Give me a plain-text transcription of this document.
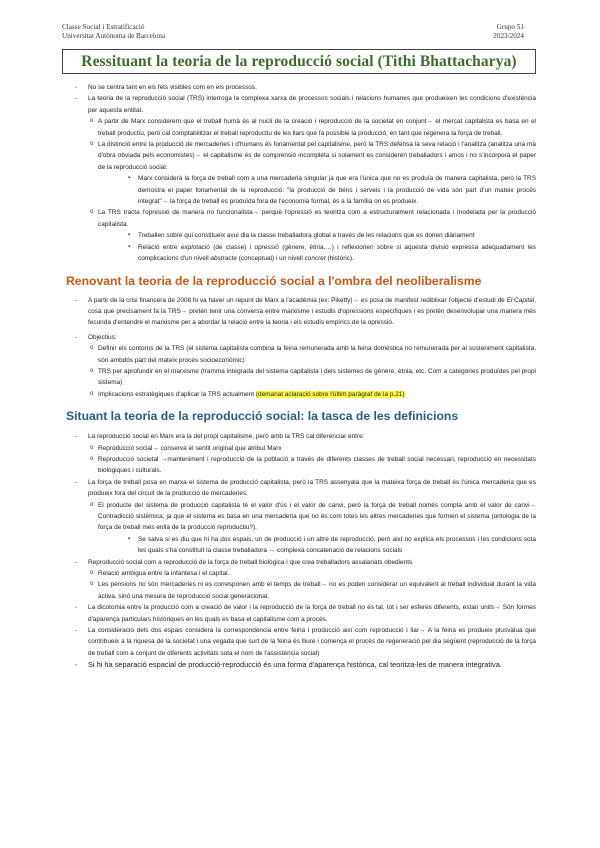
Classe Social i Estratificació
Universitat Autònoma de Barcelona
Grupo 51
2023/2024
Ressituant la teoria de la reproducció social (Tithi Bhattacharya)
- No se centra tant en els fets visibles com en els processos.
- La teoria de la reproducció social (TRS) interroga la complexa xarxa de processos socials i relacions humanes que produeixen les condicions d'existència per aquesta entitat.
o A partir de Marx considerem que el treball humà és al nucli de la creació i reproducció de la societat en conjunt→ el mercat capitalista es basa en el treball productiu, però cal comptabilitzar el treball reproductiu de les llars que fa possible la producció, en tant que regenera la força de treball.
o La distinció entre la producció de mercaderies i d'humans és fonamental pel capitalisme, però la TRS defensa la seva relació i l'analitza (analitza una mà d'obra obviada pels economistes)→ el capitalisme és de comprensió incompleta si solament es consideren treballadors i amos i no s'incorpora el paper de la reproducció social.
▪ Marx considerà la força de treball com a una mercaderia singular ja que era l'única que no es produïa de manera capitalista, però la TRS demostra el paper fonamental de la reproducció: "la producció de béns i serveis i la producció de vida són part d'un mateix procés integrat"→ la força de treball es produïda fora de l'economia formal, és a la família on es produeix.
o La TRS tracta l'opressió de manera no funcionalista→ perquè l'opressió es teoritza com a estructuralment relacionada i modelada per la producció capitalista.
▪ Treballen sobre qui constitueix avui dia la classe treballadora global a través de les relacions que es donen diàriament
▪ Relació entre explotació (de classe) i opressió (gènere, ètnia,…) i reflexionen sobre si aquesta divisió expressa adequadament les complicacions d'un nivell abstracte (conceptual) i un nivell concret (històric).
Renovant la teoria de la reproducció social a l'ombra del neoliberalisme
- A partir de la crisi financera de 2008 hi va haver un repunt de Marx a l'acadèmia (ex: Piketty)→ es posa de manifest rediblixar l'objecte d'estudi de El Capital, cosa que precisament fa la TRS→ pretén tenir una conversa entre marxisme i estudis d'opressions específiques i es pretén desenvolupar una manera més fecunda d'entendre el marxisme per a abordar la relació entre la teoria i els estudis empírics de la opressió.
- Objectius:
o Definir els contorns de la TRS (el sistema capitalista combina la feina remunerada amb la feina domèstica no remunerada per al sosteniment capitalista, són ambdós part del mateix procés socioeconòmic)
o TRS per aprofundir en el marxisme (tramma integrada del sistema capitalista i dels sistemes de gènere, ètnia, etc. Com a categories produïdes pel propi sistema)
o Implicacions estratègiques d'aplicar la TRS actualment (demanat aclaració sobre l'últim paràgraf de la p.21)
Situant la teoria de la reproducció social: la tasca de les definicions
- La reproducció social en Marx era la del propi capitalisme, però amb la TRS cal diferenciar entre:
o Reproducció social→ conserva el sentit original que atribuí Marx
o Reproducció societal →manteniment i reproducció de la població a través de diferents classes de treball social necessari, reproducció en necessitats biològiques i culturals.
- La força de treball posa en marxa el sistema de producció capitalista, però la TRS assenyala que la mateixa força de treball és l'única mercaderia que es produeix fora del circuit de la producció de mercaderies.
o El producte del sistema de producció capitalista té el valor d'ús i el valor de canvi, però la força de treball només compta amb el valor de canvi→ Contradicció sistèmica, ja que el sistema es basa en una mercaderia que no és com totes les altres mercaderies que formen el sistema (ontologia de la força de treball més enllà de la producció reproductiu?).
▪ Se salva si es diu que hi ha dos espais, un de producció i un altre de reproducció, però així no explica els processos i les condicions sota les quals s'ha constituït la classe treballadora → complexa concatenació de relacions socials
- Reproducció social com a reproducció de la força de treball biològica i que crea treballadors assalariats obedients
o Relació ambigua entre la infantesa i el capital.
o Les pensions no són mercaderies ni es corresponen amb el temps de treball→ no es poden considerar un equivalent al treball individual durant la vida activa, sinó una mesura de reproducció social generacional.
- La dicotomia entre la producció com a creació de valor i la reproducció de la força de treball no és tal, tot i ser esferes diferents, estan units→ Són formes d'aparença particulars històriques en les quals es basa el capitalisme com a procés.
- La consideració dels dos espais considera la correspondència entre feina i producció així com reproducció i llar→ A la feina es produeix plusvàlua que contribueix a la riquesa de la societat i una vegada que surt de la feina és lliure i comença el procés de regeneració pel dia següent (reproducció de la força de treball com a conjunt de diferents activitats sota el nom de l'assistència social)
- Si hi ha separació espacial de producció-reproducció és una forma d'aparença històrica, cal teoritza-les de manera integrativa.
